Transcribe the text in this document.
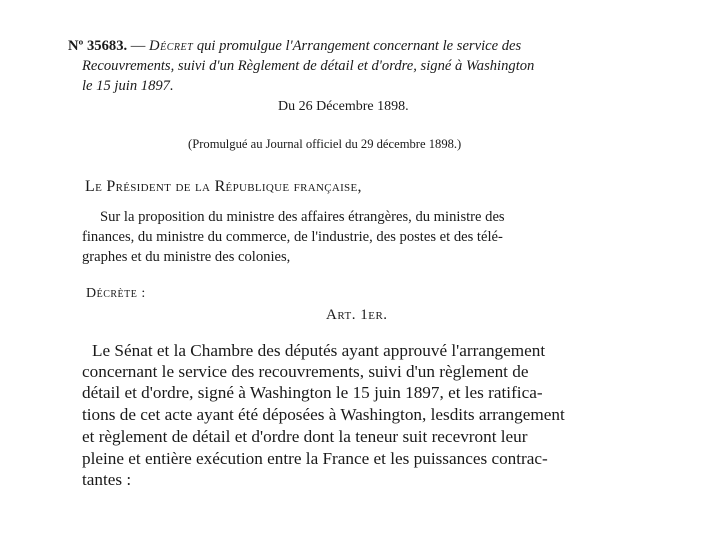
Nº 35683. — Décret qui promulgue l'Arrangement concernant le service des
Recouvrements, suivi d'un Règlement de détail et d'ordre, signé à Washington
le 15 juin 1897.
Du 26 Décembre 1898.
(Promulgué au Journal officiel du 29 décembre 1898.)
Le Président de la République française,
Sur la proposition du ministre des affaires étrangères, du ministre des
finances, du ministre du commerce, de l'industrie, des postes et des télé-
graphes et du ministre des colonies,
Décrète :
Art. 1er.
Le Sénat et la Chambre des députés ayant approuvé l'arrangement
concernant le service des recouvrements, suivi d'un règlement de
détail et d'ordre, signé à Washington le 15 juin 1897, et les ratifica-
tions de cet acte ayant été déposées à Washington, lesdits arrangement
et règlement de détail et d'ordre dont la teneur suit recevront leur
pleine et entière exécution entre la France et les puissances contrac-
tantes :
